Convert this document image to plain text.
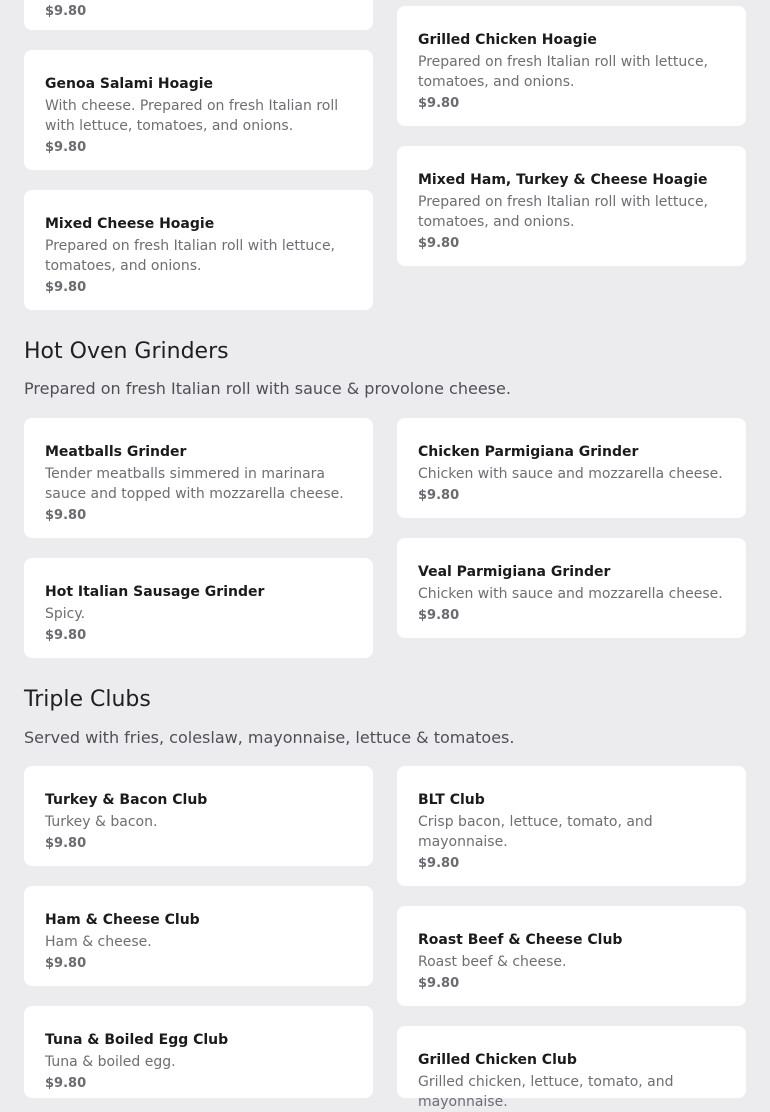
$9.80

Grilled Chicken Hoagie

Prepared on fresh Italian roll with lettuce, tomatoes, and onions.

$9.80

Genoa Salami Hoagie

With cheese. Prepared on fresh Italian roll with lettuce, tomatoes, and onions.

$9.80

Mixed Ham, Turkey & Cheese Hoagie

Prepared on fresh Italian roll with lettuce, tomatoes, and onions.

$9.80

Mixed Cheese Hoagie

Prepared on fresh Italian roll with lettuce, tomatoes, and onions.

$9.80

Hot Oven Grinders

Prepared on fresh Italian roll with sauce & provolone cheese.

Meatballs Grinder

Tender meatballs simmered in marinara sauce and topped with mozzarella cheese.

$9.80

Chicken Parmigiana Grinder

Chicken with sauce and mozzarella cheese.

$9.80

Veal Parmigiana Grinder

Chicken with sauce and mozzarella cheese.

$9.80

Hot Italian Sausage Grinder

Spicy.

$9.80

Triple Clubs

Served with fries, coleslaw, mayonnaise, lettuce & tomatoes.

Turkey & Bacon Club

Turkey & bacon.

$9.80

BLT Club

Crisp bacon, lettuce, tomato, and mayonnaise.

$9.80

Ham & Cheese Club

Ham & cheese.

$9.80

Roast Beef & Cheese Club

Roast beef & cheese.

$9.80

Tuna & Boiled Egg Club

Tuna & boiled egg.

$9.80

Grilled Chicken Club

Grilled chicken, lettuce, tomato, and mayonnaise.
